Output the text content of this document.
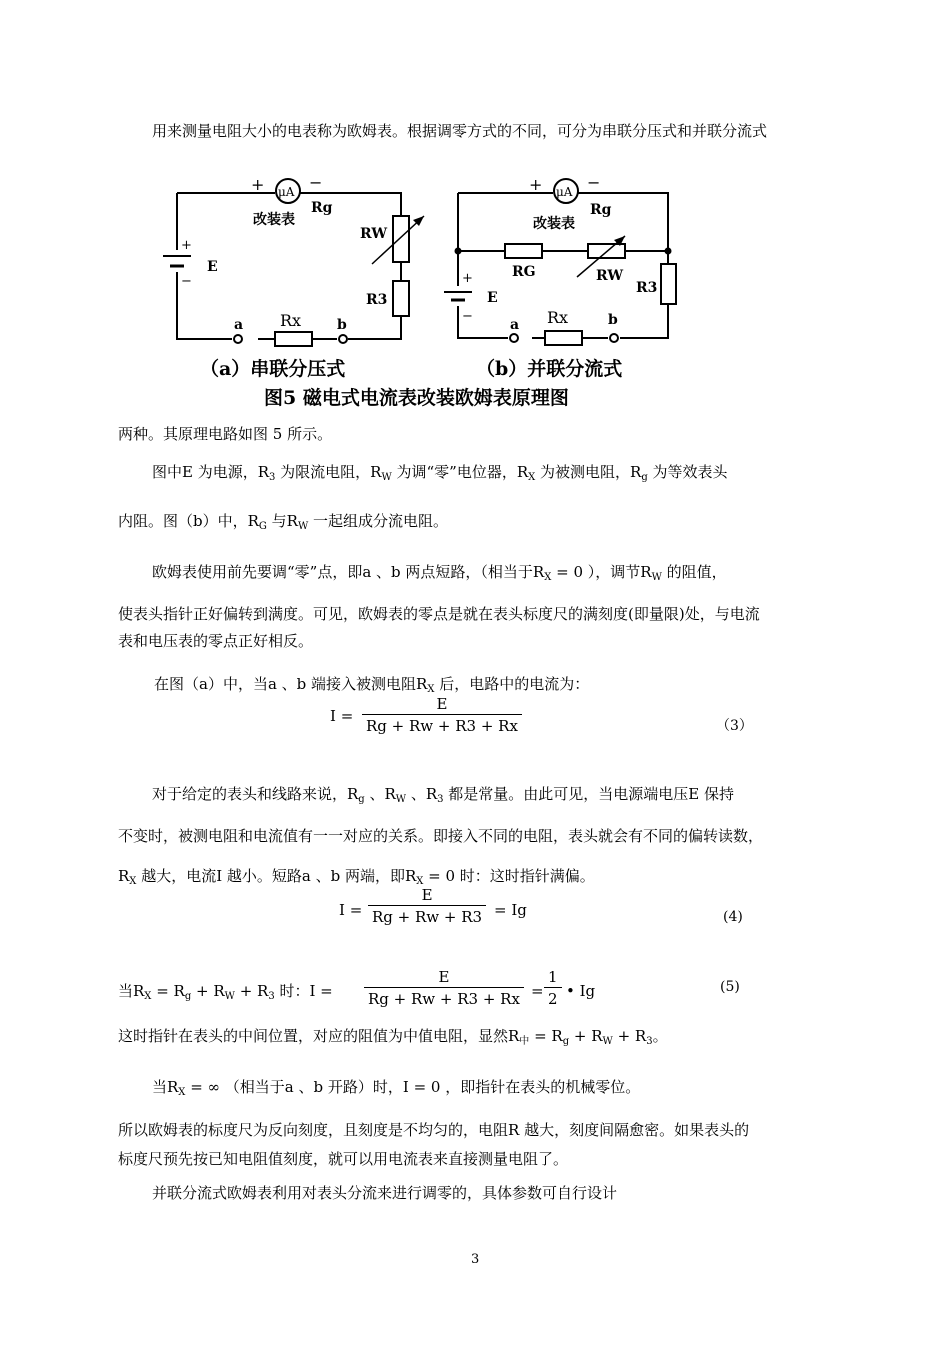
用来测量电阻大小的电表称为欧姆表。根据调零方式的不同，可分为串联分压式和并联分流式
μA
+	−
改装表
Rg
RW
R3
E
+
−
a	b
Rx
μA
+	−
改装表
Rg
RG	RW
R3
E
+
−
a	b
Rx
（a）串联分压式	（b）并联分流式
图5 磁电式电流表改装欧姆表原理图
两种。其原理电路如图 5 所示。
图中E 为电源，$R_3$ 为限流电阻，$R_W$ 为调“零”电位器，$R_X$ 为被测电阻，$R_g$ 为等效表头
内阻。图（b）中，$R_G$ 与$R_W$ 一起组成分流电阻。
欧姆表使用前先要调“零”点，即a 、b 两点短路，（相当于$R_X = 0$ ），调节$R_W$ 的阻值，
使表头指针正好偏转到满度。可见，欧姆表的零点是就在表头标度尺的满刻度(即量限)处，与电流
表和电压表的零点正好相反。
在图（a）中，当a 、b 端接入被测电阻$R_X$ 后，电路中的电流为：
$I = \frac{E}{Rg + Rw + R3 + Rx}$	（3）
对于给定的表头和线路来说，$R_g$ 、$R_W$ 、$R_3$ 都是常量。由此可见，当电源端电压E 保持
不变时，被测电阻和电流值有一一对应的关系。即接入不同的电阻，表头就会有不同的偏转读数，
$R_X$ 越大，电流I 越小。短路a 、b 两端，即$R_X = 0$ 时：这时指针满偏。
$I = \frac{E}{Rg + Rw + R3} = Ig$	(4)
当$R_X = R_g + R_W + R_3$ 时：$I = \frac{E}{Rg + Rw + R3 + Rx} = \frac{1}{2}$ • Ig	(5)
这时指针在表头的中间位置，对应的阻值为中值电阻，显然$R_中 = R_g + R_W + R_3$。
当$R_X$ = ∞ （相当于a 、b 开路）时，I = 0 ，即指针在表头的机械零位。
所以欧姆表的标度尺为反向刻度，且刻度是不均匀的，电阻R 越大，刻度间隔愈密。如果表头的
标度尺预先按已知电阻值刻度，就可以用电流表来直接测量电阻了。
并联分流式欧姆表利用对表头分流来进行调零的，具体参数可自行设计
3
